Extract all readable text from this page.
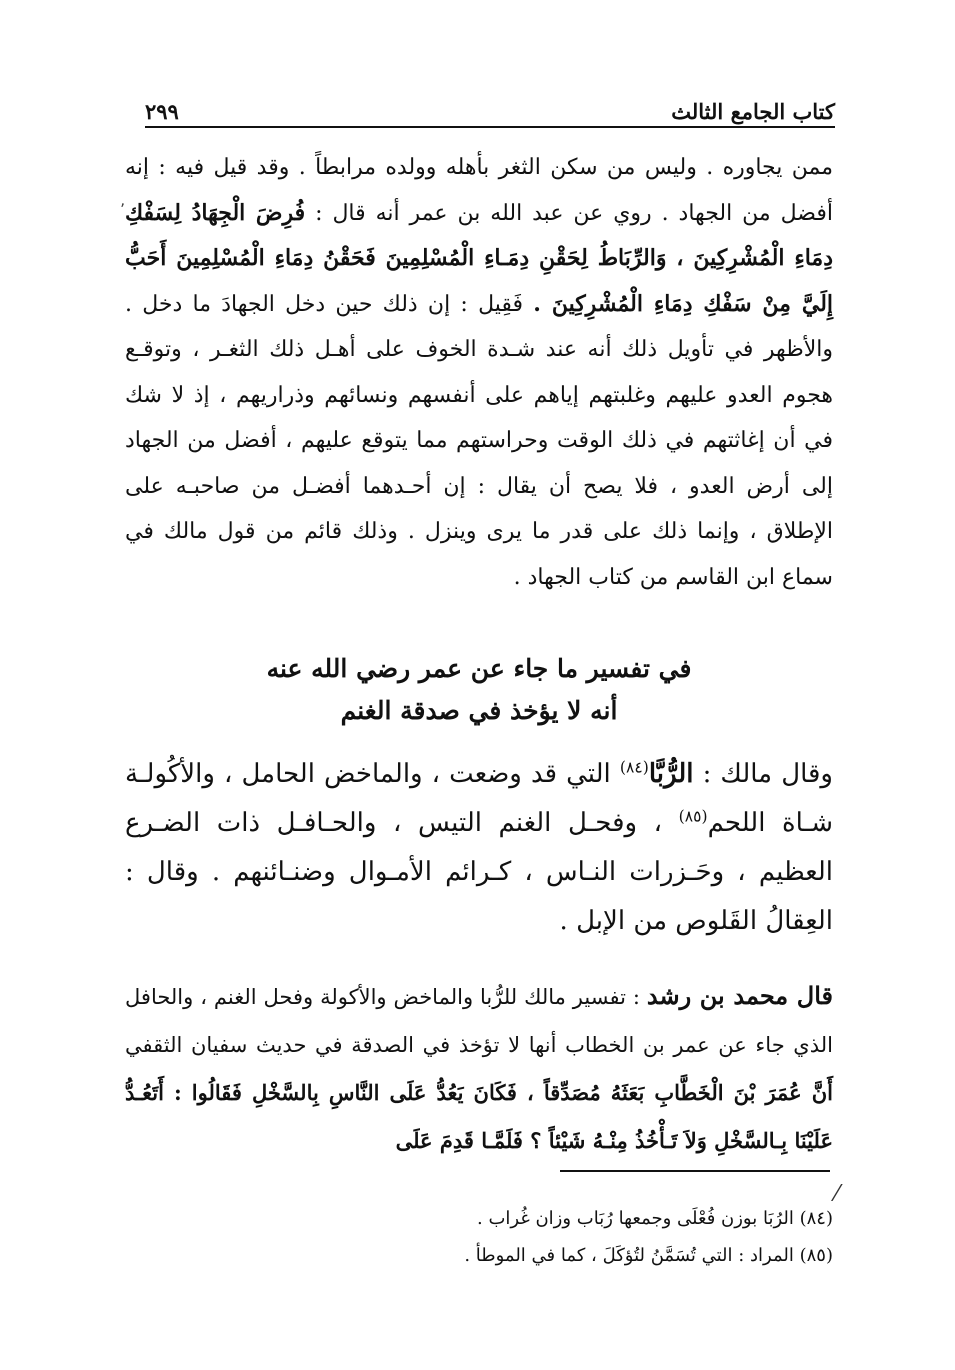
كتاب الجامع الثالث
٢٩٩
٬

ممن يجاوره . وليس من سكن الثغر بأهله وولده مرابطاً . وقد قيل فيه : إنه أفضل من الجهاد . روي عن عبد الله بن عمر أنه قال : فُرِضَ الْجِهَادُ لِسَفْكِ دِمَاءِ الْمُشْرِكِينَ ، وَالرِّبَاطُ لِحَقْنِ دِمَـاءِ الْمُسْلِمِينَ فَحَقْنُ دِمَاءِ الْمُسْلِمِينَ أَحَبُّ إِلَيَّ مِنْ سَفْكِ دِمَاءِ الْمُشْرِكِينَ . فَقِيل : إن ذلك حين دخل الجهادَ ما دخل . والأظهر في تأويل ذلك أنه عند شـدة الخوف على أهـل ذلك الثغـر ، وتوقـع هجوم العدو عليهم وغلبتهم إياهم على أنفسهم ونسائهم وذراريهم ، إذ لا شك في أن إغاثتهم في ذلك الوقت وحراستهم مما يتوقع عليهم ، أفضل من الجهاد إلى أرض العدو ، فلا يصح أن يقال : إن أحـدهما أفضـل من صاحبـه على الإطلاق ، وإنما ذلك على قدر ما يرى وينزل . وذلك قائم من قول مالك في سماع ابن القاسم من كتاب الجهاد .

في تفسير ما جاء عن عمر رضي الله عنه
أنه لا يؤخذ في صدقة الغنم

وقال مالك : الرُّبَّا$^{(٨٤)}$ التي قد وضعت ، والماخض الحامل ، والأكُولـة شـاة اللحم$^{(٨٥)}$ ، وفحـل الغنم التيس ، والحـافـل ذات الضـرع العظيم ، وحَـزرات النـاس ، كـرائم الأمـوال وضنـائنهم . وقال : العِقالُ القَلوص من الإبل .

قال محمد بن رشد : تفسير مالك للرُّبا والماخض والأكولة وفحل الغنم ، والحافل الذي جاء عن عمر بن الخطاب أنها لا تؤخذ في الصدقة في حديث سفيان الثقفي أَنَّ عُمَرَ بْنَ الْخَطَّابِ بَعَثَهُ مُصَدِّقاً ، فَكَانَ يَعُدُّ عَلَى النَّاسِ بِالسَّخْلِ فَقَالُوا : أَتَعُـدُّ عَلَيْنَا بِـالسَّخْلِ وَلاَ تَـأْخُذُ مِنْـهُ شَيْئاً ؟ فَلَمَّـا قَدِمَ عَلَى

⁄

(٨٤) الرُبَا بوزن فُعْلَى وجمعها رُبَاب وزان غُراب .

(٨٥) المراد : التي تُسَمَّنُ لتُؤكَلَ ، كما في الموطأ .
